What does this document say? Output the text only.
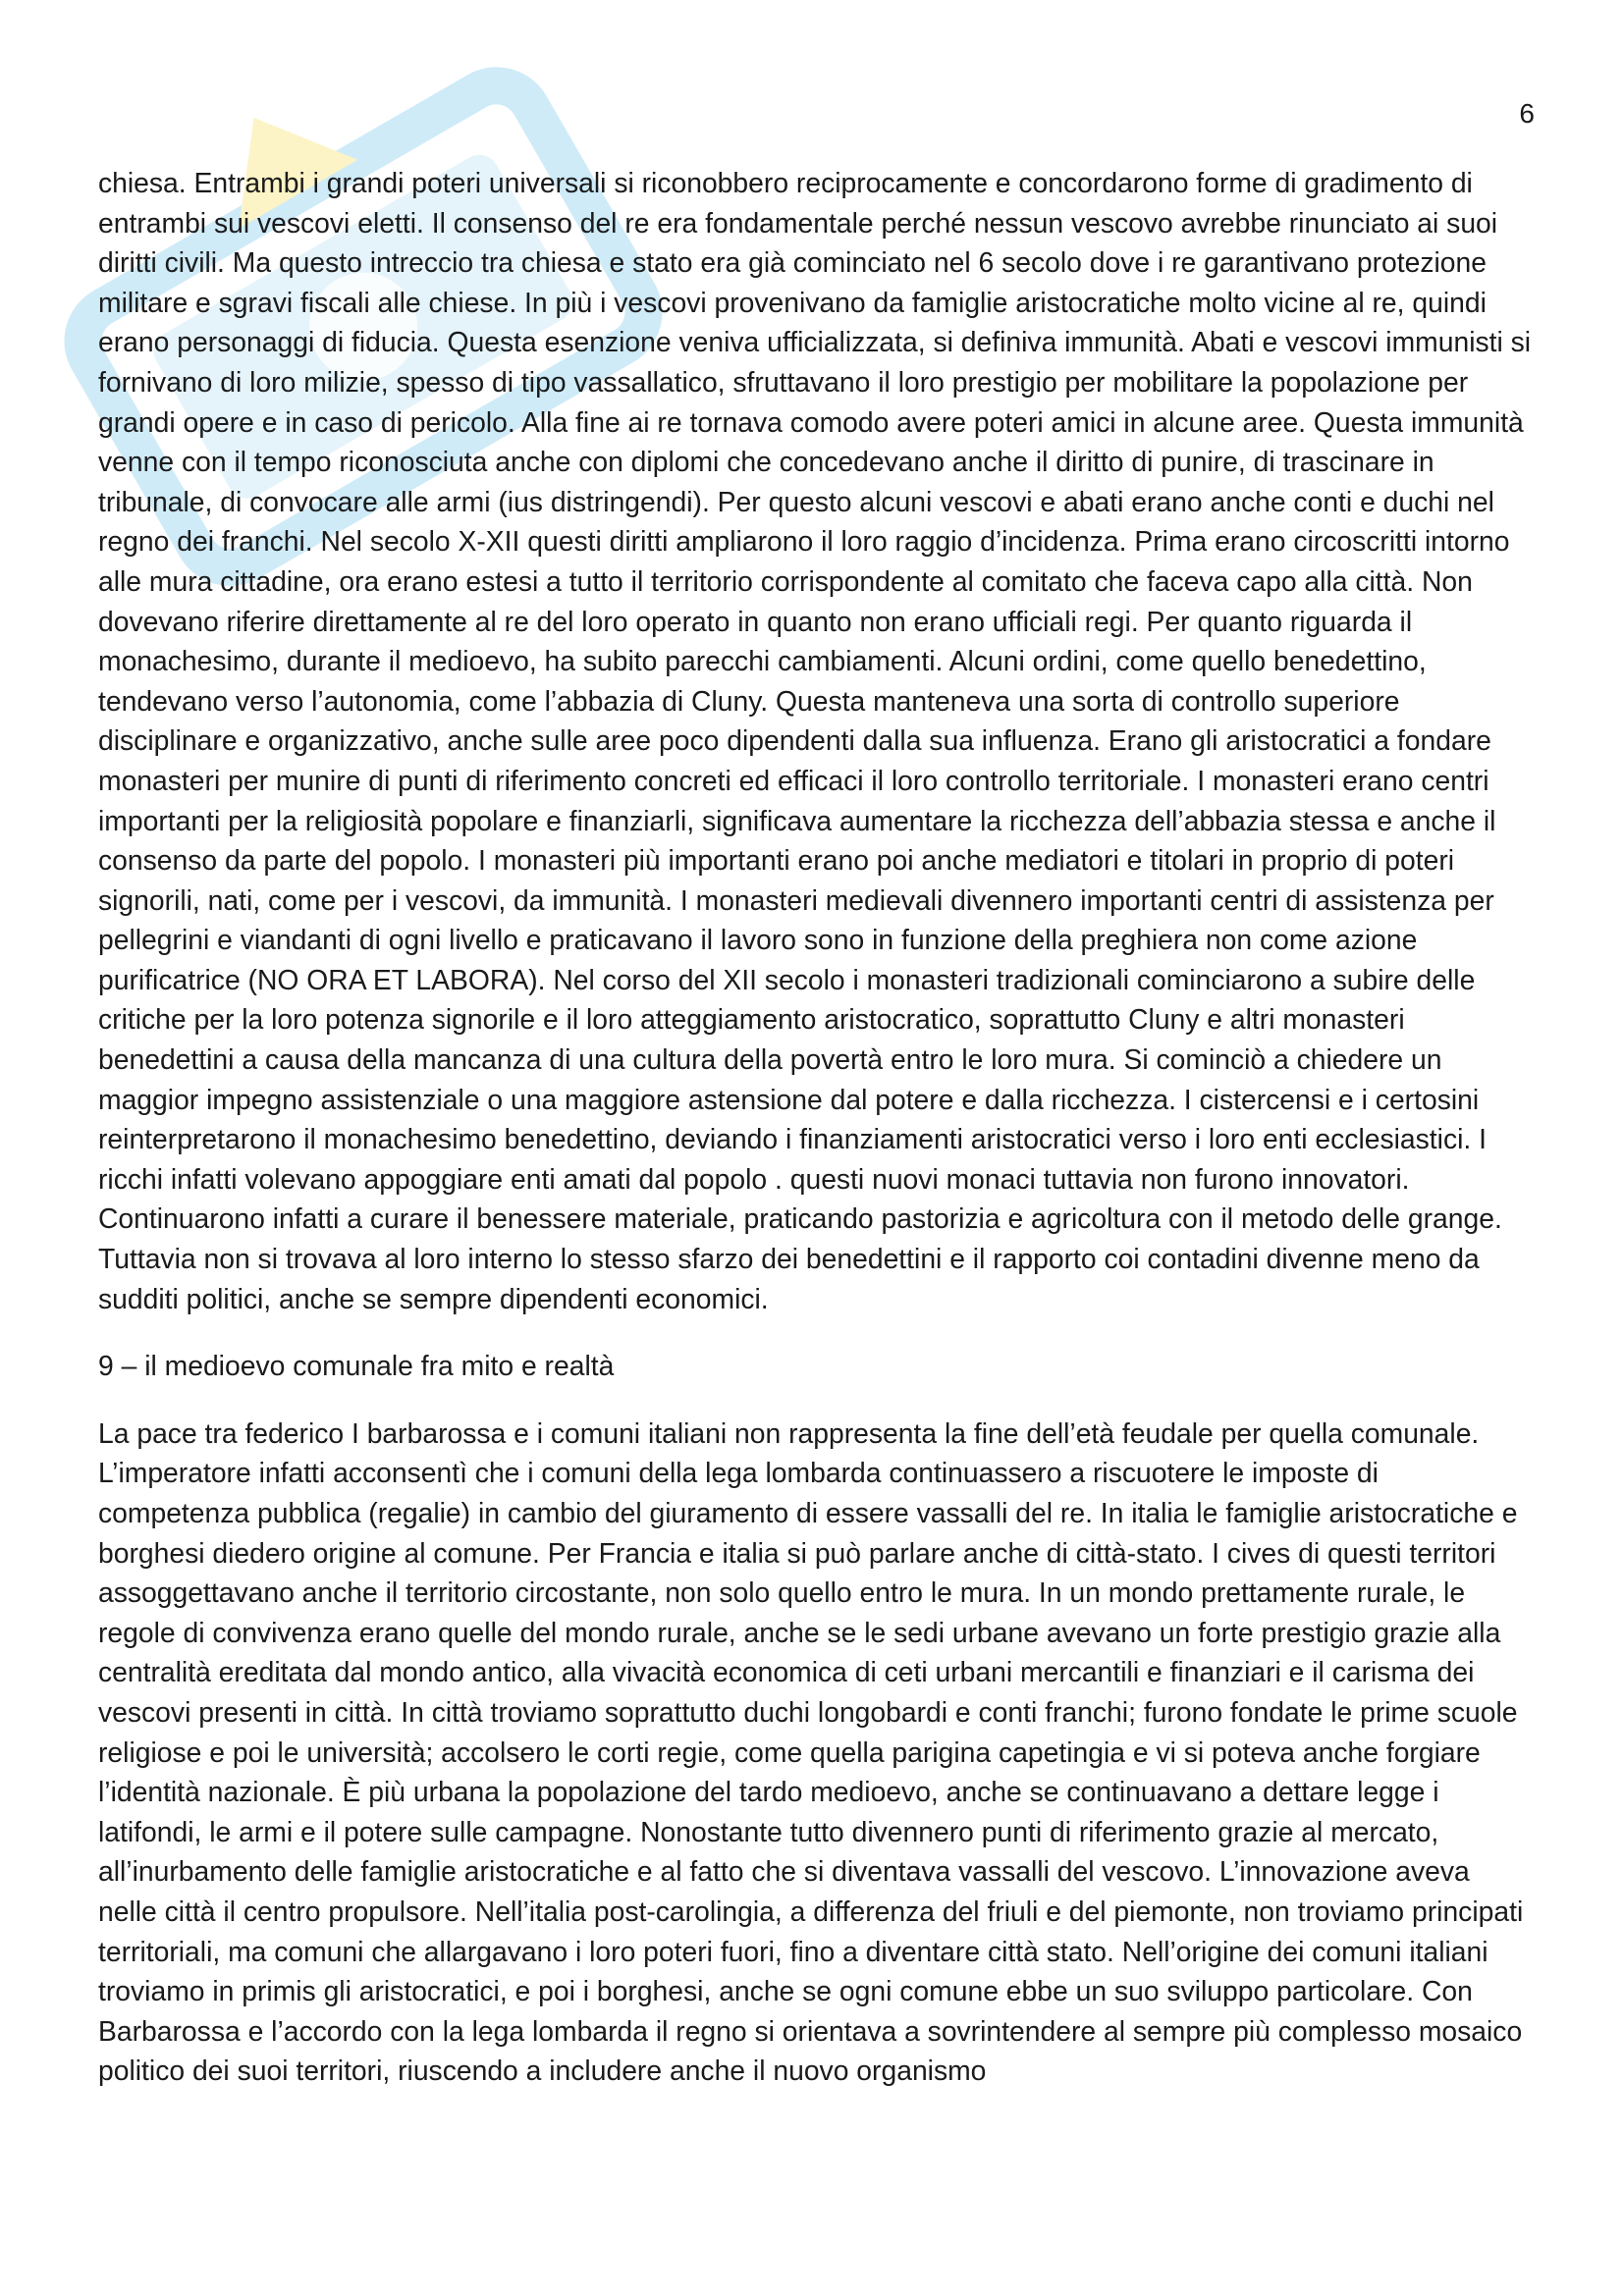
6

chiesa. Entrambi i grandi poteri universali si riconobbero reciprocamente e concordarono forme di gradimento di entrambi sui vescovi eletti. Il consenso del re era fondamentale perché nessun vescovo avrebbe rinunciato ai suoi diritti civili. Ma questo intreccio tra chiesa e stato era già cominciato nel 6 secolo dove i re garantivano protezione militare e sgravi fiscali alle chiese. In più i vescovi provenivano da famiglie aristocratiche molto vicine al re, quindi erano personaggi di fiducia. Questa esenzione veniva ufficializzata, si definiva immunità. Abati e vescovi immunisti si fornivano di loro milizie, spesso di tipo vassallatico, sfruttavano il loro prestigio per mobilitare la popolazione per grandi opere e in caso di pericolo. Alla fine ai re tornava comodo avere poteri amici in alcune aree. Questa immunità venne con il tempo riconosciuta anche con diplomi che concedevano anche il diritto di punire, di trascinare in tribunale, di convocare alle armi (ius distringendi). Per questo alcuni vescovi e abati erano anche conti e duchi nel regno dei franchi. Nel secolo X-XII questi diritti ampliarono il loro raggio d’incidenza. Prima erano circoscritti intorno alle mura cittadine, ora erano estesi a tutto il territorio corrispondente al comitato che faceva capo alla città. Non dovevano riferire direttamente al re del loro operato in quanto non erano ufficiali regi. Per quanto riguarda il monachesimo, durante il medioevo, ha subito parecchi cambiamenti. Alcuni ordini, come quello benedettino, tendevano verso l’autonomia, come l’abbazia di Cluny. Questa manteneva una sorta di controllo superiore disciplinare e organizzativo, anche sulle aree poco dipendenti dalla sua influenza. Erano gli aristocratici a fondare monasteri per munire di punti di riferimento concreti ed efficaci il loro controllo territoriale. I monasteri erano centri importanti per la religiosità popolare e finanziarli, significava aumentare la ricchezza dell’abbazia stessa e anche il consenso da parte del popolo. I monasteri più importanti erano poi anche mediatori e titolari in proprio di poteri signorili, nati, come per i vescovi, da immunità. I monasteri medievali divennero importanti centri di assistenza per pellegrini e viandanti di ogni livello e praticavano il lavoro sono in funzione della preghiera non come azione purificatrice (NO ORA ET LABORA). Nel corso del XII secolo i monasteri tradizionali cominciarono a subire delle critiche per la loro potenza signorile e il loro atteggiamento aristocratico, soprattutto Cluny e altri monasteri benedettini a causa della mancanza di una cultura della povertà entro le loro mura. Si cominciò a chiedere un maggior impegno assistenziale o una maggiore astensione dal potere e dalla ricchezza. I cistercensi e i certosini reinterpretarono il monachesimo benedettino, deviando i finanziamenti aristocratici verso i loro enti ecclesiastici. I ricchi infatti volevano appoggiare enti amati dal popolo . questi nuovi monaci tuttavia non furono innovatori. Continuarono infatti a curare il benessere materiale, praticando pastorizia e agricoltura con il metodo delle grange. Tuttavia non si trovava al loro interno lo stesso sfarzo dei benedettini e il rapporto coi contadini divenne meno da sudditi politici, anche se sempre dipendenti economici.

9 – il medioevo comunale fra mito e realtà

La pace tra federico I barbarossa e i comuni italiani non rappresenta la fine dell’età feudale per quella comunale. L’imperatore infatti acconsentì che i comuni della lega lombarda continuassero a riscuotere le imposte di competenza pubblica (regalie) in cambio del giuramento di essere vassalli del re. In italia le famiglie aristocratiche e borghesi diedero origine al comune. Per Francia e italia si può parlare anche di città-stato. I cives di questi territori assoggettavano anche il territorio circostante, non solo quello entro le mura. In un mondo prettamente rurale, le regole di convivenza erano quelle del mondo rurale, anche se le sedi urbane avevano un forte prestigio grazie alla centralità ereditata dal mondo antico, alla vivacità economica di ceti urbani mercantili e finanziari e il carisma dei vescovi presenti in città. In città troviamo soprattutto duchi longobardi e conti franchi; furono fondate le prime scuole religiose e poi le università; accolsero le corti regie, come quella parigina capetingia e vi si poteva anche forgiare l’identità nazionale. È più urbana la popolazione del tardo medioevo, anche se continuavano a dettare legge i latifondi, le armi e il potere sulle campagne. Nonostante tutto divennero punti di riferimento grazie al mercato, all’inurbamento delle famiglie aristocratiche e al fatto che si diventava vassalli del vescovo. L’innovazione aveva nelle città il centro propulsore. Nell’italia post-carolingia, a differenza del friuli e del piemonte, non troviamo principati territoriali, ma comuni che allargavano i loro poteri fuori, fino a diventare città stato. Nell’origine dei comuni italiani troviamo in primis gli aristocratici, e poi i borghesi, anche se ogni comune ebbe un suo sviluppo particolare. Con Barbarossa e l’accordo con la lega lombarda il regno si orientava a sovrintendere al sempre più complesso mosaico politico dei suoi territori, riuscendo a includere anche il nuovo organismo
